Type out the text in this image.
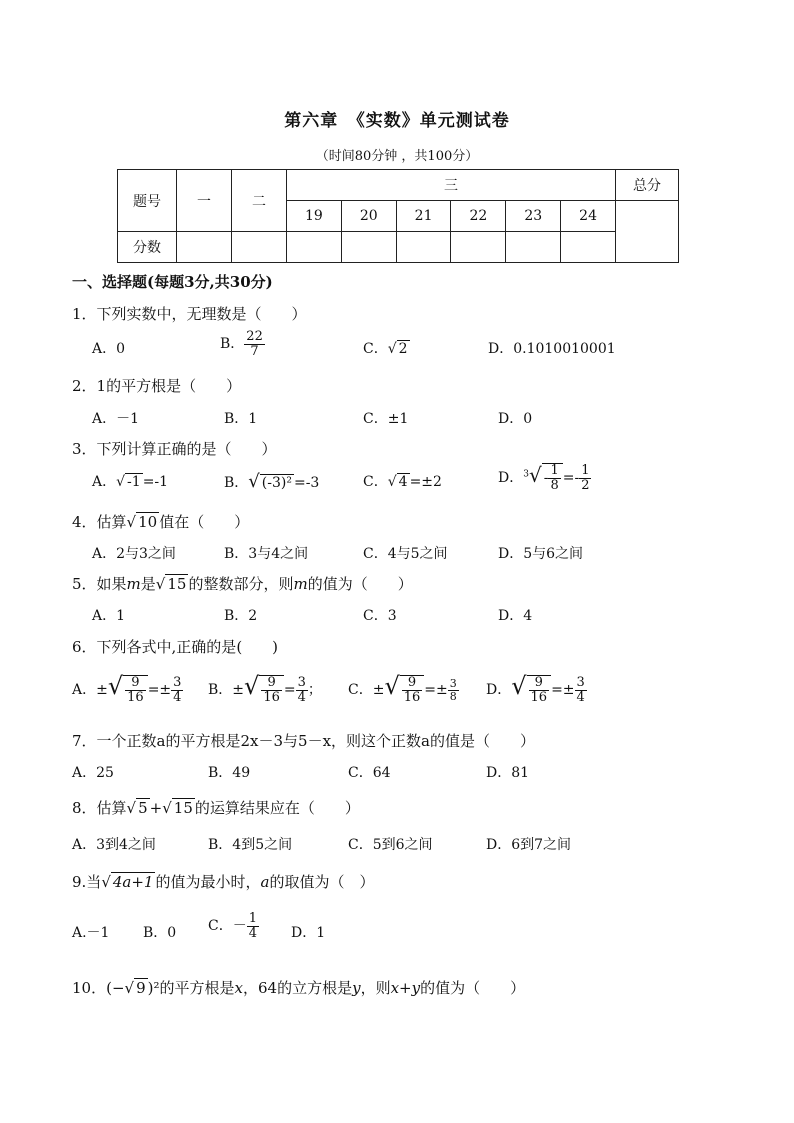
第六章　《实数》单元测试卷
（时间80分钟 ，共100分）
题号	一	二	三						总分
			19	20	21	22	23	24	
分数									
一、选择题(每题3分,共30分)
1．下列实数中，无理数是（　　）
A．0	B． $\frac{22}{7}$	C．√ 2	D．0.1010010001
2．1的平方根是（　　）
A．－1	B．1	C．±1	D．0
3．下列计算正确的是（　　）
A．√ -1 =-1	B．√ (-3)² =-3	C．√ 4 =±2	D．$^3√ - \frac{1}{8} =- \frac{1}{2}$
4．估算√ 10 值在（　　）
A．2与3之间	B．3与4之间	C．4与5之间	D．5与6之间
5．如果m是√ 15 的整数部分，则m的值为（　　）
A．1	B．2	C．3	D．4
6．下列各式中,正确的是(　　)
A．±√ $\frac{9}{16} =\pm \frac{3}{4}$ B．±√ $\frac{9}{16} = \frac{3}{4}$ ； C．±√ $\frac{9}{16} =\pm \frac{3}{8}$ D．√ $\frac{9}{16} =\pm \frac{3}{4}$
7．一个正数a的平方根是2x－3与5－x，则这个正数a的值是（　　）
A．25	B．49	C．64	D．81
8．估算√ 5 +√ 15 的运算结果应在（　　）
A．3到4之间	B．4到5之间	C．5到6之间	D．6到7之间
9.当√ 4a+1 的值为最小时，a的取值为（　）
A.－1 B．0 C．－ $\frac{1}{4}$ D．1
10．(−√ 9 )²的平方根是x，64的立方根是y，则x+y的值为（　　）
